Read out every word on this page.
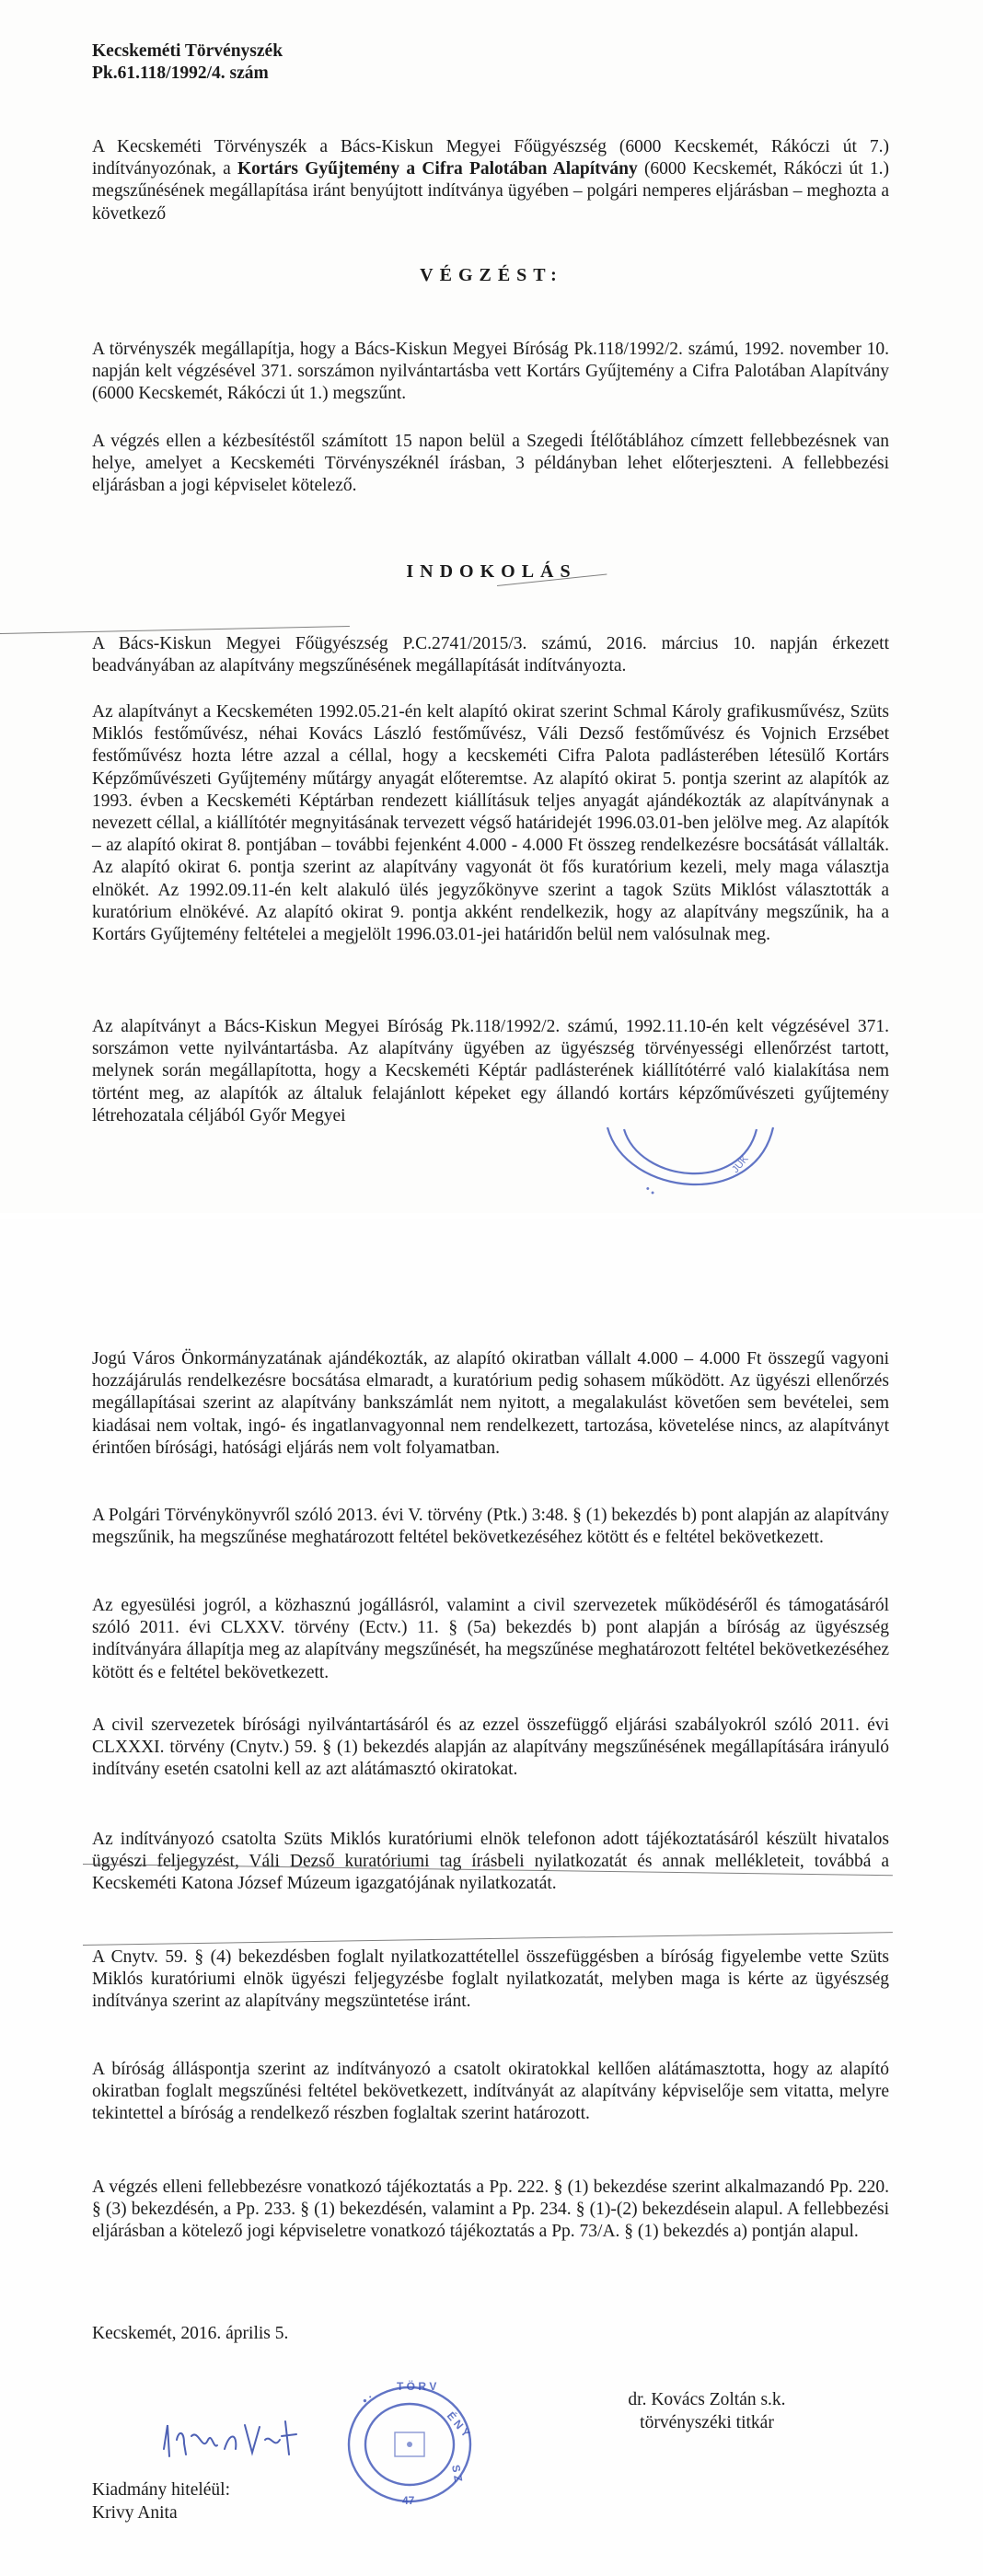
Kecskeméti Törvényszék
Pk.61.118/1992/4. szám

A Kecskeméti Törvényszék a Bács-Kiskun Megyei Főügyészség (6000 Kecskemét, Rákóczi út 7.) indítványozónak, a Kortárs Gyűjtemény a Cifra Palotában Alapítvány (6000 Kecskemét, Rákóczi út 1.) megszűnésének megállapítása iránt benyújtott indítványa ügyében – polgári nemperes eljárásban – meghozta a következő

VÉGZÉST:

A törvényszék megállapítja, hogy a Bács-Kiskun Megyei Bíróság Pk.118/1992/2. számú, 1992. november 10. napján kelt végzésével 371. sorszámon nyilvántartásba vett Kortárs Gyűjtemény a Cifra Palotában Alapítvány (6000 Kecskemét, Rákóczi út 1.) megszűnt.

A végzés ellen a kézbesítéstől számított 15 napon belül a Szegedi Ítélőtáblához címzett fellebbezésnek van helye, amelyet a Kecskeméti Törvényszéknél írásban, 3 példányban lehet előterjeszteni. A fellebbezési eljárásban a jogi képviselet kötelező.

INDOKOLÁS

A Bács-Kiskun Megyei Főügyészség P.C.2741/2015/3. számú, 2016. március 10. napján érkezett beadványában az alapítvány megszűnésének megállapítását indítványozta.

Az alapítványt a Kecskeméten 1992.05.21-én kelt alapító okirat szerint Schmal Károly grafikusművész, Szüts Miklós festőművész, néhai Kovács László festőművész, Váli Dezső festőművész és Vojnich Erzsébet festőművész hozta létre azzal a céllal, hogy a kecskeméti Cifra Palota padlásterében létesülő Kortárs Képzőművészeti Gyűjtemény műtárgy anyagát előteremtse. Az alapító okirat 5. pontja szerint az alapítók az 1993. évben a Kecskeméti Képtárban rendezett kiállításuk teljes anyagát ajándékozták az alapítványnak a nevezett céllal, a kiállítótér megnyitásának tervezett végső határidejét 1996.03.01-ben jelölve meg. Az alapítók – az alapító okirat 8. pontjában – további fejenként 4.000 - 4.000 Ft összeg rendelkezésre bocsátását vállalták. Az alapító okirat 6. pontja szerint az alapítvány vagyonát öt fős kuratórium kezeli, mely maga választja elnökét. Az 1992.09.11-én kelt alakuló ülés jegyzőkönyve szerint a tagok Szüts Miklóst választották a kuratórium elnökévé. Az alapító okirat 9. pontja akként rendelkezik, hogy az alapítvány megszűnik, ha a Kortárs Gyűjtemény feltételei a megjelölt 1996.03.01-jei határidőn belül nem valósulnak meg.

Az alapítványt a Bács-Kiskun Megyei Bíróság Pk.118/1992/2. számú, 1992.11.10-én kelt végzésével 371. sorszámon vette nyilvántartásba. Az alapítvány ügyében az ügyészség törvényességi ellenőrzést tartott, melynek során megállapította, hogy a Kecskeméti Képtár padlásterének kiállítótérré való kialakítása nem történt meg, az alapítók az általuk felajánlott képeket egy állandó kortárs képzőművészeti gyűjtemény létrehozatala céljából Győr Megyei

JUK
• •

Jogú Város Önkormányzatának ajándékozták, az alapító okiratban vállalt 4.000 – 4.000 Ft összegű vagyoni hozzájárulás rendelkezésre bocsátása elmaradt, a kuratórium pedig sohasem működött. Az ügyészi ellenőrzés megállapításai szerint az alapítvány bankszámlát nem nyitott, a megalakulást követően sem bevételei, sem kiadásai nem voltak, ingó- és ingatlanvagyonnal nem rendelkezett, tartozása, követelése nincs, az alapítványt érintően bírósági, hatósági eljárás nem volt folyamatban.

A Polgári Törvénykönyvről szóló 2013. évi V. törvény (Ptk.) 3:48. § (1) bekezdés b) pont alapján az alapítvány megszűnik, ha megszűnése meghatározott feltétel bekövetkezéséhez kötött és e feltétel bekövetkezett.

Az egyesülési jogról, a közhasznú jogállásról, valamint a civil szervezetek működéséről és támogatásáról szóló 2011. évi CLXXV. törvény (Ectv.) 11. § (5a) bekezdés b) pont alapján a bíróság az ügyészség indítványára állapítja meg az alapítvány megszűnését, ha megszűnése meghatározott feltétel bekövetkezéséhez kötött és e feltétel bekövetkezett.

A civil szervezetek bírósági nyilvántartásáról és az ezzel összefüggő eljárási szabályokról szóló 2011. évi CLXXXI. törvény (Cnytv.) 59. § (1) bekezdés alapján az alapítvány megszűnésének megállapítására irányuló indítvány esetén csatolni kell az azt alátámasztó okiratokat.

Az indítványozó csatolta Szüts Miklós kuratóriumi elnök telefonon adott tájékoztatásáról készült hivatalos ügyészi feljegyzést, Váli Dezső kuratóriumi tag írásbeli nyilatkozatát és annak mellékleteit, továbbá a Kecskeméti Katona József Múzeum igazgatójának nyilatkozatát.

A Cnytv. 59. § (4) bekezdésben foglalt nyilatkozattétellel összefüggésben a bíróság figyelembe vette Szüts Miklós kuratóriumi elnök ügyészi feljegyzésbe foglalt nyilatkozatát, melyben maga is kérte az ügyészség indítványa szerint az alapítvány megszüntetése iránt.

A bíróság álláspontja szerint az indítványozó a csatolt okiratokkal kellően alátámasztotta, hogy az alapító okiratban foglalt megszűnési feltétel bekövetkezett, indítványát az alapítvány képviselője sem vitatta, melyre tekintettel a bíróság a rendelkező részben foglaltak szerint határozott.

A végzés elleni fellebbezésre vonatkozó tájékoztatás a Pp. 222. § (1) bekezdése szerint alkalmazandó Pp. 220. § (3) bekezdésén, a Pp. 233. § (1) bekezdésén, valamint a Pp. 234. § (1)-(2) bekezdésein alapul. A fellebbezési eljárásban a kötelező jogi képviseletre vonatkozó tájékoztatás a Pp. 73/A. § (1) bekezdés a) pontján alapul.

Kecskemét, 2016. április 5.
dr. Kovács Zoltán s.k.
törvényszéki titkár
• ·
T Ö R V
É N Y
S Z
47
Kiadmány hiteléül:
Krivy Anita
